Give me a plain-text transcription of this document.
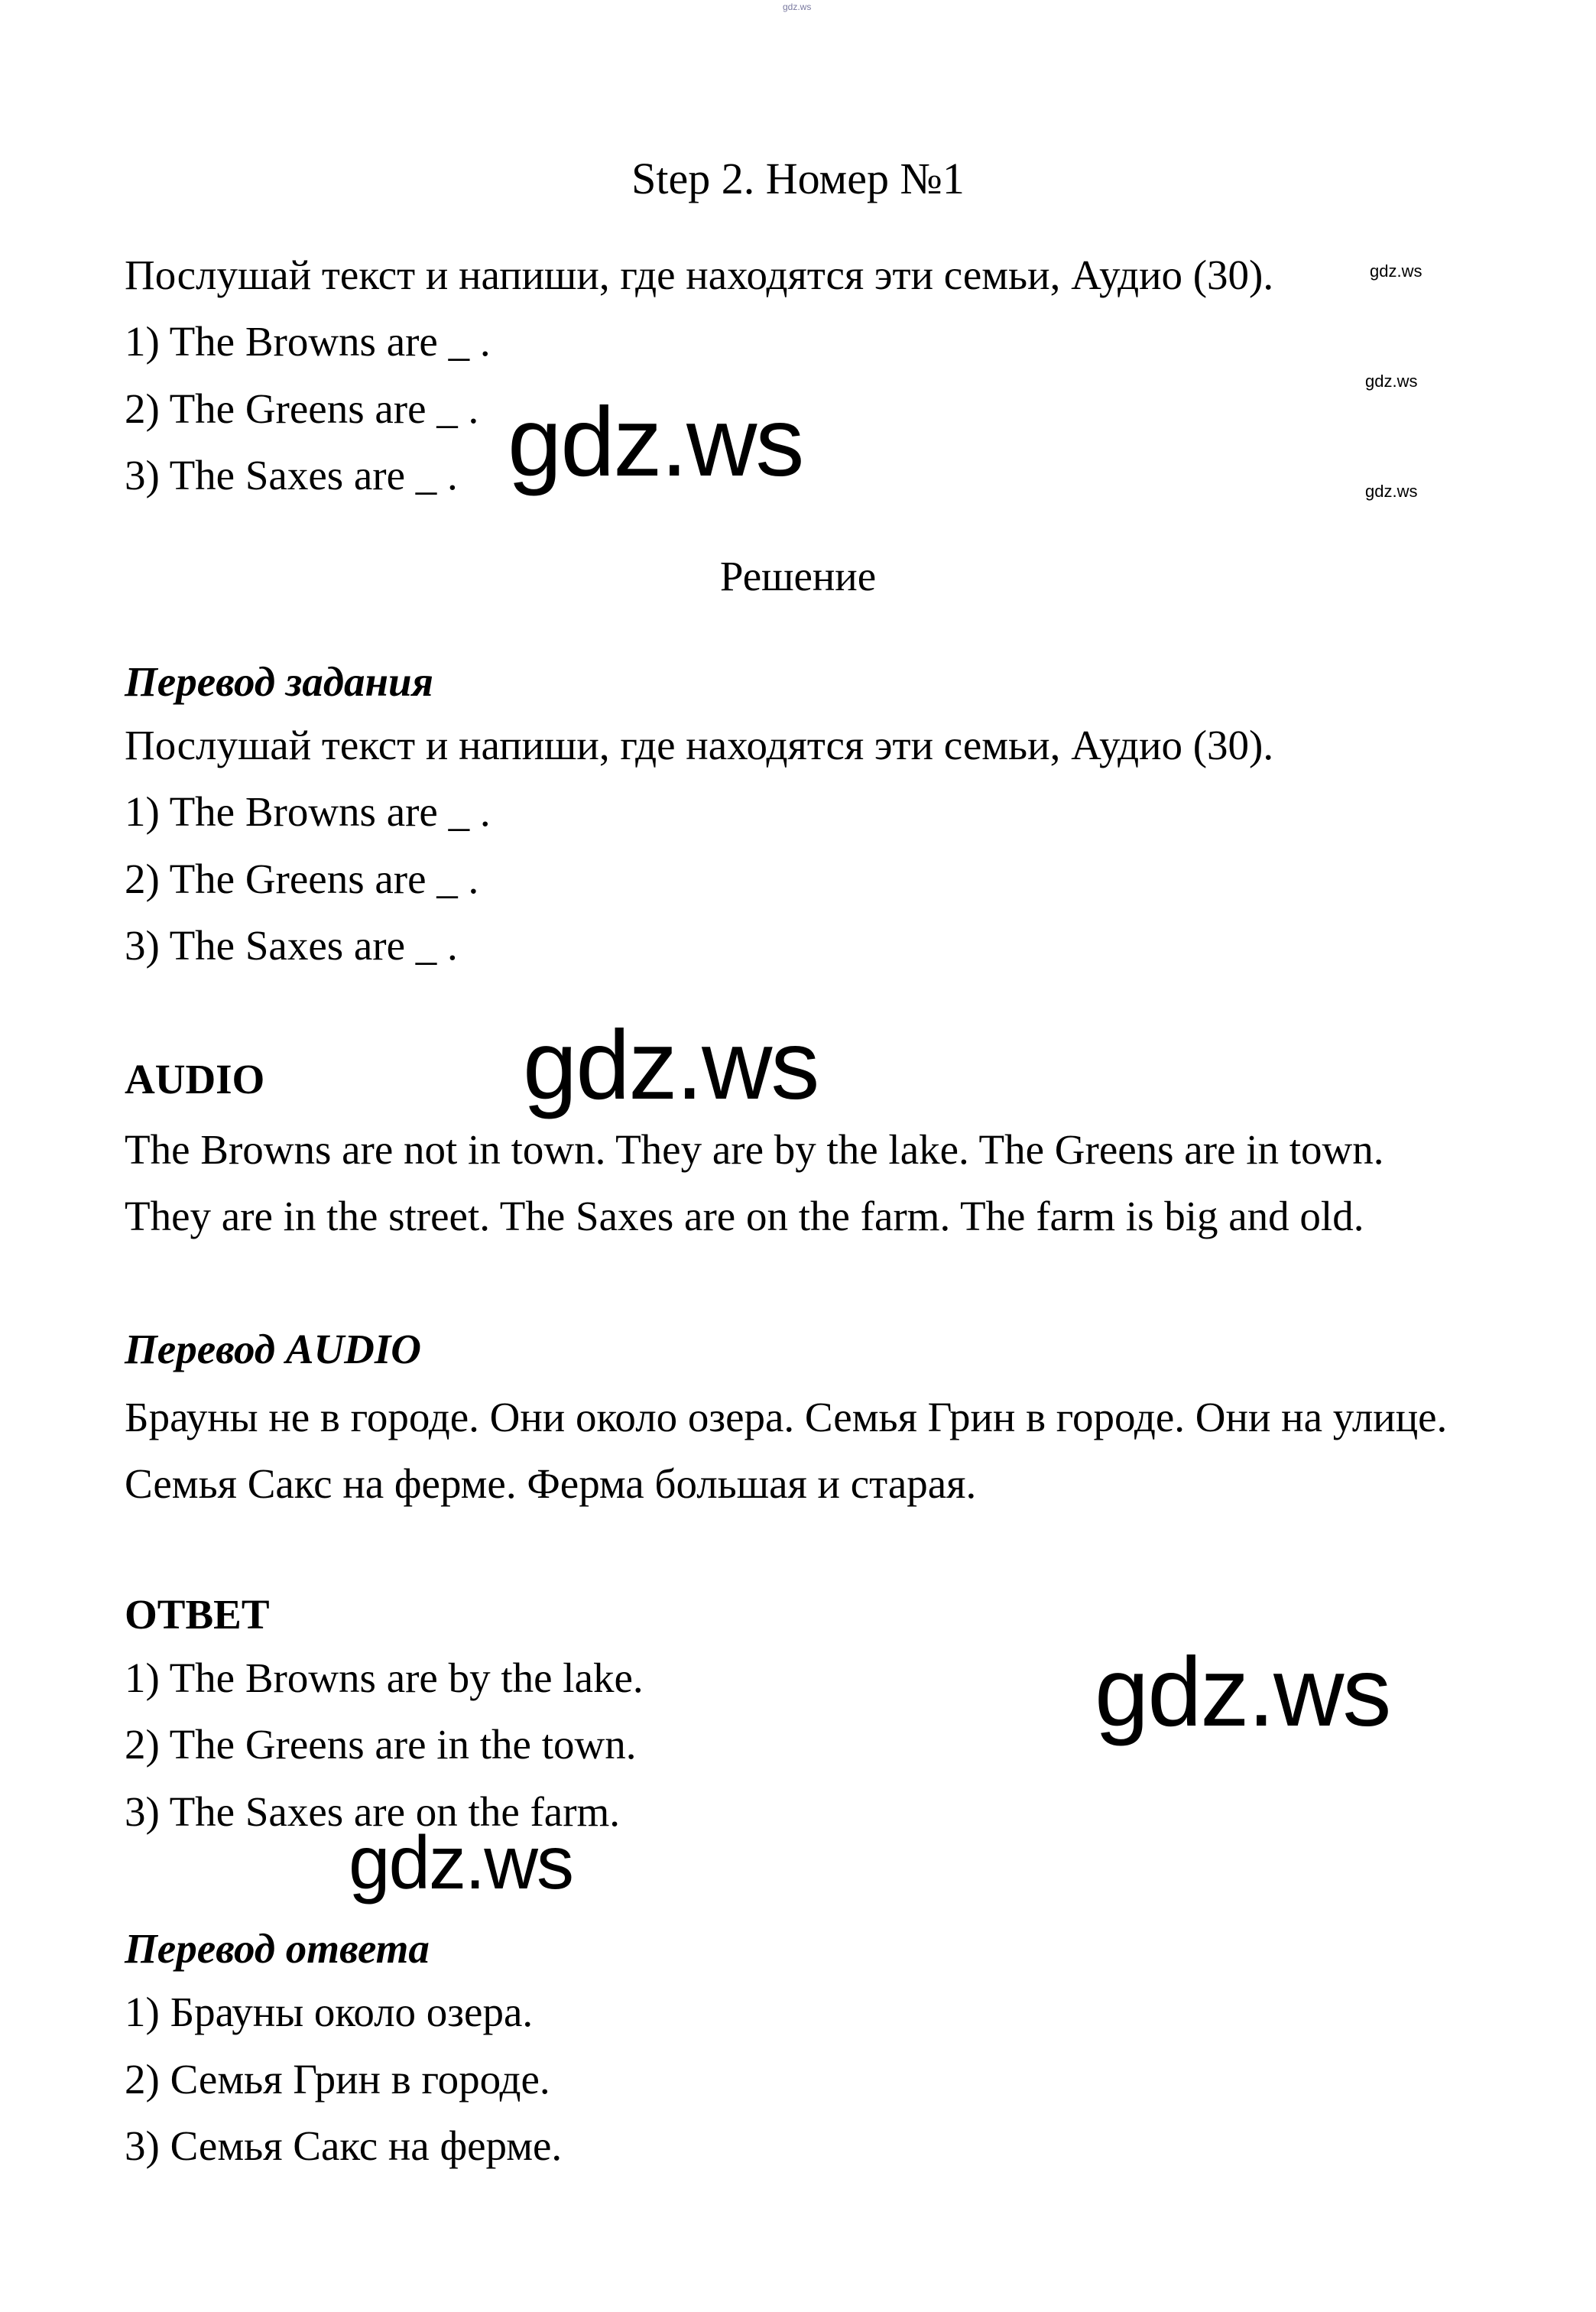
gdz.ws
Step 2. Номер №1
Послушай текст и напиши, где находятся эти семьи, Аудио (30).
1) The Browns are _ .
2) The Greens are _ .
3) The Saxes are _ .
gdz.ws
gdz.ws
gdz.ws
gdz.ws
Решение
Перевод задания
Послушай текст и напиши, где находятся эти семьи, Аудио (30).
1) The Browns are _ .
2) The Greens are _ .
3) The Saxes are _ .
gdz.ws
AUDIO
The Browns are not in town. They are by the lake. The Greens are in town. They are in the street. The Saxes are on the farm. The farm is big and old.
Перевод AUDIO
Брауны не в городе. Они около озера. Семья Грин в городе. Они на улице. Семья Сакс на ферме. Ферма большая и старая.
ОТВЕТ
1) The Browns are by the lake.
2) The Greens are in the town.
3) The Saxes are on the farm.
gdz.ws
gdz.ws
Перевод ответа
1) Брауны около озера.
2) Семья Грин в городе.
3) Семья Сакс на ферме.
